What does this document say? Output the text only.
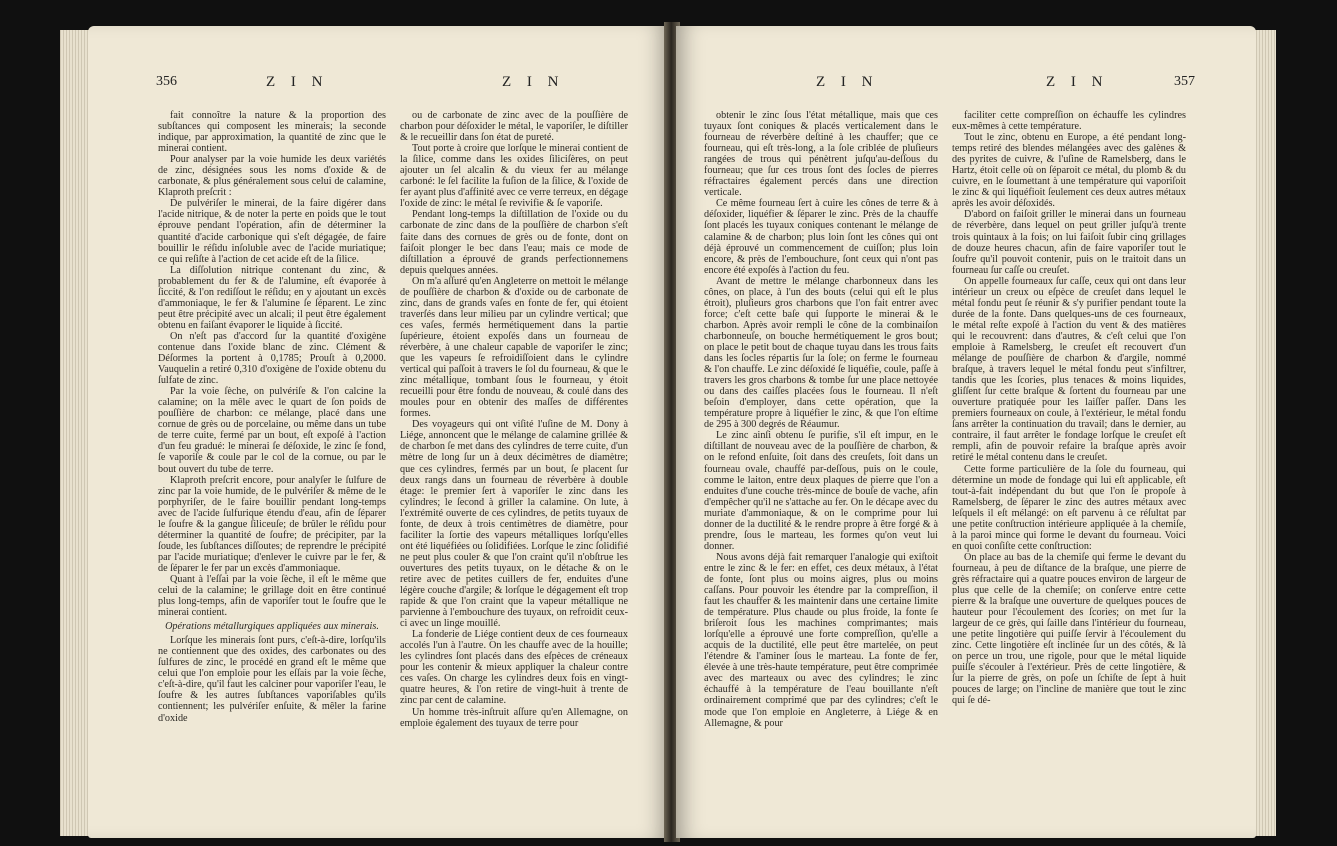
356	Z I N	Z I N

fait connoître la nature & la proportion des subſtances qui composent les minerais; la seconde indique, par approximation, la quantité de zinc que le minerai contient.

Pour analyser par la voie humide les deux variétés de zinc, désignées sous les noms d'oxide & de carbonate, & plus généralement sous celui de calamine, Klaproth preſcrit :

De pulvériſer le minerai, de la faire digérer dans l'acide nitrique, & de noter la perte en poids que le tout éprouve pendant l'opération, afin de déterminer la quantité d'acide carbonique qui s'eſt dégagée, de faire bouillir le réſidu inſoluble avec de l'acide muriatique; ce qui reſiſte à l'action de cet acide eſt de la ſilice.

La diſſolution nitrique contenant du zinc, & probablement du fer & de l'alumine, eſt évaporée à ſiccité, & l'on rediſſout le réſidu; en y ajoutant un excès d'ammoniaque, le fer & l'alumine ſe ſéparent. Le zinc peut être précipité avec un alcali; il peut être également obtenu en faiſant évaporer le liquide à ſiccité.

On n'eſt pas d'accord ſur la quantité d'oxigène contenue dans l'oxide blanc de zinc. Clément & Déſormes la portent à 0,1785; Prouſt à 0,2000. Vauquelin a retiré 0,310 d'oxigène de l'oxide obtenu du ſulfate de zinc.

Par la voie ſèche, on pulvériſe & l'on calcine la calamine; on la mêle avec le quart de ſon poids de pouſſière de charbon: ce mélange, placé dans une cornue de grès ou de porcelaine, ou même dans un tube de terre cuite, fermé par un bout, eſt expoſé à l'action d'un feu gradué: le minerai ſe déſoxide, le zinc ſe fond, ſe vaporiſe & coule par le col de la cornue, ou par le bout ouvert du tube de terre.

Klaproth preſcrit encore, pour analyſer le ſulfure de zinc par la voie humide, de le pulvériſer & même de le porphyriſer, de le faire bouillir pendant long-temps avec de l'acide ſulfurique étendu d'eau, afin de ſéparer le ſoufre & la gangue ſiliceuſe; de brûler le réſidu pour déterminer la quantité de ſoufre; de précipiter, par la ſoude, les ſubſtances diſſoutes; de reprendre le précipité par l'acide muriatique; d'enlever le cuivre par le fer, & de ſéparer le fer par un excès d'ammoniaque.

Quant à l'eſſai par la voie ſèche, il eſt le même que celui de la calamine; le grillage doit en être continué plus long-temps, afin de vaporiſer tout le ſoufre que le minerai contient.

Opérations métallurgiques appliquées aux minerais.

Lorſque les minerais ſont purs, c'eſt-à-dire, lorſqu'ils ne contiennent que des oxides, des carbonates ou des ſulfures de zinc, le procédé en grand eſt le même que celui que l'on emploie pour les eſſais par la voie ſèche, c'eſt-à-dire, qu'il faut les calciner pour vaporiſer l'eau, le ſoufre & les autres ſubſtances vaporiſables qu'ils contiennent; les pulvériſer enſuite, & mêler la farine d'oxide

ou de carbonate de zinc avec de la pouſſière de charbon pour déſoxider le métal, le vaporiſer, le diſtiller & le recueillir dans ſon état de pureté.

Tout porte à croire que lorſque le minerai contient de la ſilice, comme dans les oxides ſiliciſères, on peut ajouter un ſel alcalin & du vieux fer au mélange carboné: le ſel facilite la fuſion de la ſilice, & l'oxide de fer ayant plus d'affinité avec ce verre terreux, en dégage l'oxide de zinc: le métal ſe revivifie & ſe vaporiſe.

Pendant long-temps la diſtillation de l'oxide ou du carbonate de zinc dans de la pouſſière de charbon s'eſt faite dans des cornues de grès ou de fonte, dont on faiſoit plonger le bec dans l'eau; mais ce mode de diſtillation a éprouvé de grands perfectionnemens depuis quelques années.

On m'a aſſuré qu'en Angleterre on mettoit le mélange de pouſſière de charbon & d'oxide ou de carbonate de zinc, dans de grands vaſes en fonte de fer, qui étoient traverſés dans leur milieu par un cylindre vertical; que ces vaſes, fermés hermétiquement dans la partie ſupérieure, étoient expoſés dans un fourneau de réverbère, à une chaleur capable de vaporiſer le zinc; que les vapeurs ſe refroidiſſoient dans le cylindre vertical qui paſſoit à travers le ſol du fourneau, & que le zinc métallique, tombant ſous le fourneau, y étoit recueilli pour être fondu de nouveau, & coulé dans des moules pour en obtenir des maſſes de différentes formes.

Des voyageurs qui ont viſité l'uſine de M. Dony à Liége, annoncent que le mélange de calamine grillée & de charbon ſe met dans des cylindres de terre cuite, d'un mètre de long ſur un à deux décimètres de diamètre; que ces cylindres, fermés par un bout, ſe placent ſur deux rangs dans un fourneau de réverbère à double étage: le premier ſert à vaporiſer le zinc dans les cylindres; le ſecond à griller la calamine. On lute, à l'extrémité ouverte de ces cylindres, de petits tuyaux de fonte, de deux à trois centimètres de diamètre, pour faciliter la ſortie des vapeurs métalliques lorſqu'elles ont été liquéfiées ou ſolidifiées. Lorſque le zinc ſolidifié ne peut plus couler & que l'on craint qu'il n'obſtrue les ouvertures des petits tuyaux, on le détache & on le retire avec de petites cuillers de fer, enduites d'une légère couche d'argile; & lorſque le dégagement eſt trop rapide & que l'on craint que la vapeur métallique ne parvienne à l'embouchure des tuyaux, on refroidit ceux-ci avec un linge mouillé.

La fonderie de Liége contient deux de ces fourneaux accolés l'un à l'autre. On les chauffe avec de la houille; les cylindres ſont placés dans des eſpèces de créneaux pour les contenir & mieux appliquer la chaleur contre ces vaſes. On charge les cylindres deux fois en vingt-quatre heures, & l'on retire de vingt-huit à trente de zinc par cent de calamine.

Un homme très-inſtruit aſſure qu'en Allemagne, on emploie également des tuyaux de terre pour

Z I N	Z I N	357

obtenir le zinc ſous l'état métallique, mais que ces tuyaux ſont coniques & placés verticalement dans le fourneau de réverbère deſtiné à les chauffer; que ce fourneau, qui eſt très-long, a la ſole criblée de pluſieurs rangées de trous qui pénètrent juſqu'au-deſſous du fourneau; que ſur ces trous ſont des ſocles de pierres réfractaires également percés dans une direction verticale.

Ce même fourneau ſert à cuire les cônes de terre & à déſoxider, liquéfier & ſéparer le zinc. Près de la chauffe ſont placés les tuyaux coniques contenant le mélange de calamine & de charbon; plus loin ſont les cônes qui ont déjà éprouvé un commencement de cuiſſon; plus loin encore, & près de l'embouchure, ſont ceux qui n'ont pas encore été expoſés à l'action du feu.

Avant de mettre le mélange charbonneux dans les cônes, on place, à l'un des bouts (celui qui eſt le plus étroit), pluſieurs gros charbons que l'on fait entrer avec force; c'eſt cette baſe qui ſupporte le minerai & le charbon. Après avoir rempli le cône de la combinaiſon charbonneuſe, on bouche hermétiquement le gros bout; on place le petit bout de chaque tuyau dans les trous faits dans les ſocles répartis ſur la ſole; on ferme le fourneau & l'on chauffe. Le zinc déſoxidé ſe liquéfie, coule, paſſe à travers les gros charbons & tombe ſur une place nettoyée ou dans des caiſſes placées ſous le fourneau. Il n'eſt beſoin d'employer, dans cette opération, que la température propre à liquéfier le zinc, & que l'on eſtime de 295 à 300 degrés de Réaumur.

Le zinc ainſi obtenu ſe purifie, s'il eſt impur, en le diſtillant de nouveau avec de la pouſſière de charbon, & on le refond enſuite, ſoit dans des creuſets, ſoit dans un fourneau ovale, chauffé par-deſſous, puis on le coule, comme le laiton, entre deux plaques de pierre que l'on a enduites d'une couche très-mince de bouſe de vache, afin d'empêcher qu'il ne s'attache au fer. On le décape avec du muriate d'ammoniaque, & on le comprime pour lui donner de la ductilité & le rendre propre à être forgé & à prendre, ſous le marteau, les formes qu'on veut lui donner.

Nous avons déjà fait remarquer l'analogie qui exiſtoit entre le zinc & le fer: en effet, ces deux métaux, à l'état de fonte, ſont plus ou moins aigres, plus ou moins caſſans. Pour pouvoir les étendre par la compreſſion, il faut les chauffer & les maintenir dans une certaine limite de température. Plus chaude ou plus froide, la fonte ſe briſeroit ſous les machines comprimantes; mais lorſqu'elle a éprouvé une forte compreſſion, qu'elle a acquis de la ductilité, elle peut être martelée, on peut l'étendre & l'aminer ſous le marteau. La fonte de fer, élevée à une très-haute température, peut être comprimée avec des marteaux ou avec des cylindres; le zinc échauffé à la température de l'eau bouillante n'eſt ordinairement comprimé que par des cylindres; c'eſt le mode que l'on emploie en Angleterre, à Liége & en Allemagne, & pour

faciliter cette compreſſion on échauffe les cylindres eux-mêmes à cette température.

Tout le zinc, obtenu en Europe, a été pendant long-temps retiré des blendes mélangées avec des galènes & des pyrites de cuivre, & l'uſine de Ramelsberg, dans le Hartz, étoit celle où on ſéparoit ce métal, du plomb & du cuivre, en le ſoumettant à une température qui vaporiſoit le zinc & qui liquéfioit ſeulement ces deux autres métaux après les avoir déſoxidés.

D'abord on faiſoit griller le minerai dans un fourneau de réverbère, dans lequel on peut griller juſqu'à trente trois quintaux à la fois; on lui faiſoit ſubir cinq grillages de douze heures chacun, afin de faire vaporiſer tout le ſoufre qu'il pouvoit contenir, puis on le traitoit dans un fourneau ſur caſſe ou creuſet.

On appelle fourneaux ſur caſſe, ceux qui ont dans leur intérieur un creux ou eſpèce de creuſet dans lequel le métal fondu peut ſe réunir & s'y purifier pendant toute la durée de la fonte. Dans quelques-uns de ces fourneaux, le métal reſte expoſé à l'action du vent & des matières qui le recouvrent: dans d'autres, & c'eſt celui que l'on emploie à Ramelsberg, le creuſet eſt recouvert d'un mélange de pouſſière de charbon & d'argile, nommé braſque, à travers lequel le métal fondu peut s'infiltrer, tandis que les ſcories, plus tenaces & moins liquides, gliſſent ſur cette braſque & ſortent du fourneau par une ouverture pratiquée pour les laiſſer paſſer. Dans les premiers fourneaux on coule, à l'extérieur, le métal fondu ſans arrêter la continuation du travail; dans le dernier, au contraire, il faut arrêter le fondage lorſque le creuſet eſt rempli, afin de pouvoir refaire la braſque après avoir retiré le métal contenu dans le creuſet.

Cette forme particulière de la ſole du fourneau, qui détermine un mode de fondage qui lui eſt applicable, eſt tout-à-fait indépendant du but que l'on ſe propoſe à Ramelsberg, de ſéparer le zinc des autres métaux avec leſquels il eſt mélangé: on eſt parvenu à ce réſultat par une petite conſtruction intérieure appliquée à la chemiſe, à la paroi mince qui forme le devant du fourneau. Voici en quoi conſiſte cette conſtruction:

On place au bas de la chemiſe qui ferme le devant du fourneau, à peu de diſtance de la braſque, une pierre de grès réfractaire qui a quatre pouces environ de largeur de plus que celle de la chemiſe; on conſerve entre cette pierre & la braſque une ouverture de quelques pouces de hauteur pour l'écoulement des ſcories; on met ſur la largeur de ce grès, qui ſaille dans l'intérieur du fourneau, une petite lingotière qui puiſſe ſervir à l'écoulement du zinc. Cette lingotière eſt inclinée ſur un des côtés, & là on perce un trou, une rigole, pour que le métal liquide puiſſe s'écouler à l'extérieur. Près de cette lingotière, & ſur la pierre de grès, on poſe un ſchiſte de ſept à huit pouces de large; on l'incline de manière que tout le zinc qui ſe dé-
